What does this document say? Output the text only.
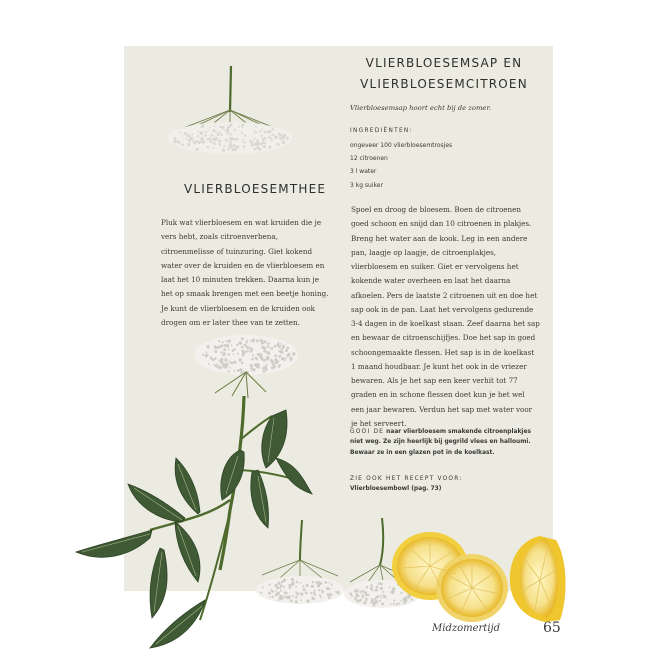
VLIERBLOESEMTHEE
Pluk wat vlierbloesem en wat kruiden die je vers hebt, zoals citroenverbena, citroenmelisse of tuinzuring. Giet kokend water over de kruiden en de vlierbloesem en laat het 10 minuten trekken. Daarna kun je het op smaak brengen met een beetje honing. Je kunt de vlierbloesem en de kruiden ook drogen om er later thee van te zetten.
VLIERBLOESEMSAP EN
VLIERBLOESEMCITROEN
Vlierbloesemsap hoort echt bij de zomer.
INGREDIËNTEN:
ongeveer 100 vlierbloesemtrosjes
12 citroenen
3 l water
3 kg suiker
Spoel en droog de bloesem. Boen de citroenen goed schoon en snijd dan 10 citroenen in plakjes. Breng het water aan de kook. Leg in een andere pan, laagje op laagje, de citroenplakjes, vlierbloesem en suiker. Giet er vervolgens het kokende water overheen en laat het daarna afkoelen. Pers de laatste 2 citroenen uit en doe het sap ook in de pan. Laat het vervolgens gedurende 3-4 dagen in de koelkast staan. Zeef daarna het sap en bewaar de citroenschijfjes. Doe het sap in goed schoongemaakte flessen. Het sap is in de koelkast 1 maand houdbaar. Je kunt het ook in de vriezer bewaren. Als je het sap een keer verhit tot 77 graden en in schone flessen doet kun je het wel een jaar bewaren. Verdun het sap met water voor je het serveert.
GOOI DE naar vlierbloesem smakende citroenplakjes niet weg. Ze zijn heerlijk bij gegrild vlees en halloumi. Bewaar ze in een glazen pot in de koelkast.
ZIE OOK HET RECEPT VOOR:
Vlierbloesembowl (pag. 73)
Midzomertijd	65
